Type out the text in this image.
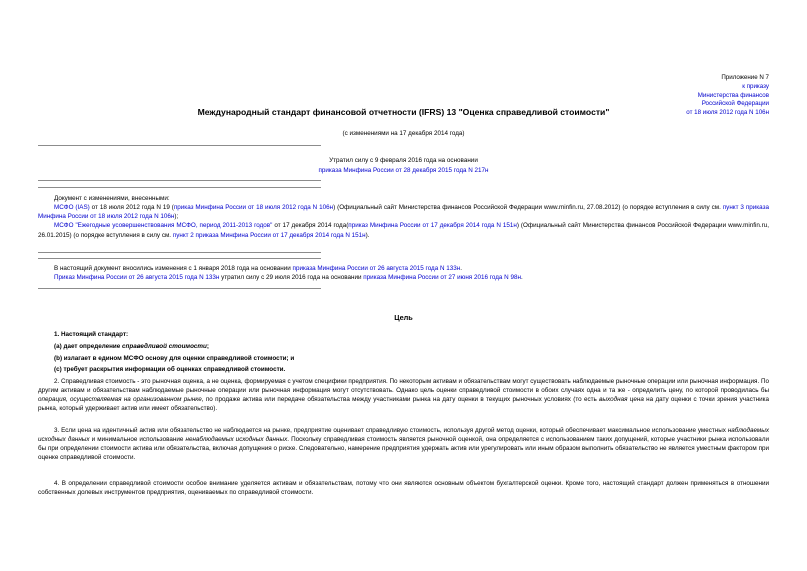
Приложение N 7
к приказу
Министерства финансов
Российской Федерации
от 18 июля 2012 года N 106н
Международный стандарт финансовой отчетности (IFRS) 13 "Оценка справедливой стоимости"
(с изменениями на 17 декабря 2014 года)
Утратил силу с 9 февраля 2016 года на основании
приказа Минфина России от 28 декабря 2015 года N 217н
Документ с изменениями, внесенными:
МСФО (IAS) от 18 июля 2012 года N 19 (приказ Минфина России от 18 июля 2012 года N 106н) (Официальный сайт Министерства финансов Российской Федерации www.minfin.ru, 27.08.2012) (о порядке вступления в силу см. пункт 3 приказа Минфина России от 18 июля 2012 года N 106н);
МСФО "Ежегодные усовершенствования МСФО, период 2011-2013 годов" от 17 декабря 2014 года(приказ Минфина России от 17 декабря 2014 года N 151н) (Официальный сайт Министерства финансов Российской Федерации www.minfin.ru, 26.01.2015) (о порядке вступления в силу см. пункт 2 приказа Минфина России от 17 декабря 2014 года N 151н).
В настоящий документ вносились изменения с 1 января 2018 года на основании приказа Минфина России от 26 августа 2015 года N 133н.
Приказ Минфина России от 26 августа 2015 года N 133н утратил силу с 29 июля 2016 года на основании приказа Минфина России от 27 июня 2016 года N 98н.
Цель
1. Настоящий стандарт:
(a) дает определение справедливой стоимости;
(b) излагает в едином МСФО основу для оценки справедливой стоимости; и
(c) требует раскрытия информации об оценках справедливой стоимости.
2. Справедливая стоимость - это рыночная оценка, а не оценка, формируемая с учетом специфики предприятия. По некоторым активам и обязательствам могут существовать наблюдаемые рыночные операции или рыночная информация. По другим активам и обязательствам наблюдаемые рыночные операции или рыночная информация могут отсутствовать. Однако цель оценки справедливой стоимости в обоих случаях одна и та же - определить цену, по которой проводилась бы операция, осуществляемая на организованном рынке, по продаже актива или передаче обязательства между участниками рынка на дату оценки в текущих рыночных условиях (то есть выходная цена на дату оценки с точки зрения участника рынка, который удерживает актив или имеет обязательство).
3. Если цена на идентичный актив или обязательство не наблюдается на рынке, предприятие оценивает справедливую стоимость, используя другой метод оценки, который обеспечивает максимальное использование уместных наблюдаемых исходных данных и минимальное использование ненаблюдаемых исходных данных. Поскольку справедливая стоимость является рыночной оценкой, она определяется с использованием таких допущений, которые участники рынка использовали бы при определении стоимости актива или обязательства, включая допущения о риске. Следовательно, намерение предприятия удержать актив или урегулировать или иным образом выполнить обязательство не является уместным фактором при оценке справедливой стоимости.
4. В определении справедливой стоимости особое внимание уделяется активам и обязательствам, потому что они являются основным объектом бухгалтерской оценки. Кроме того, настоящий стандарт должен применяться в отношении собственных долевых инструментов предприятия, оцениваемых по справедливой стоимости.
